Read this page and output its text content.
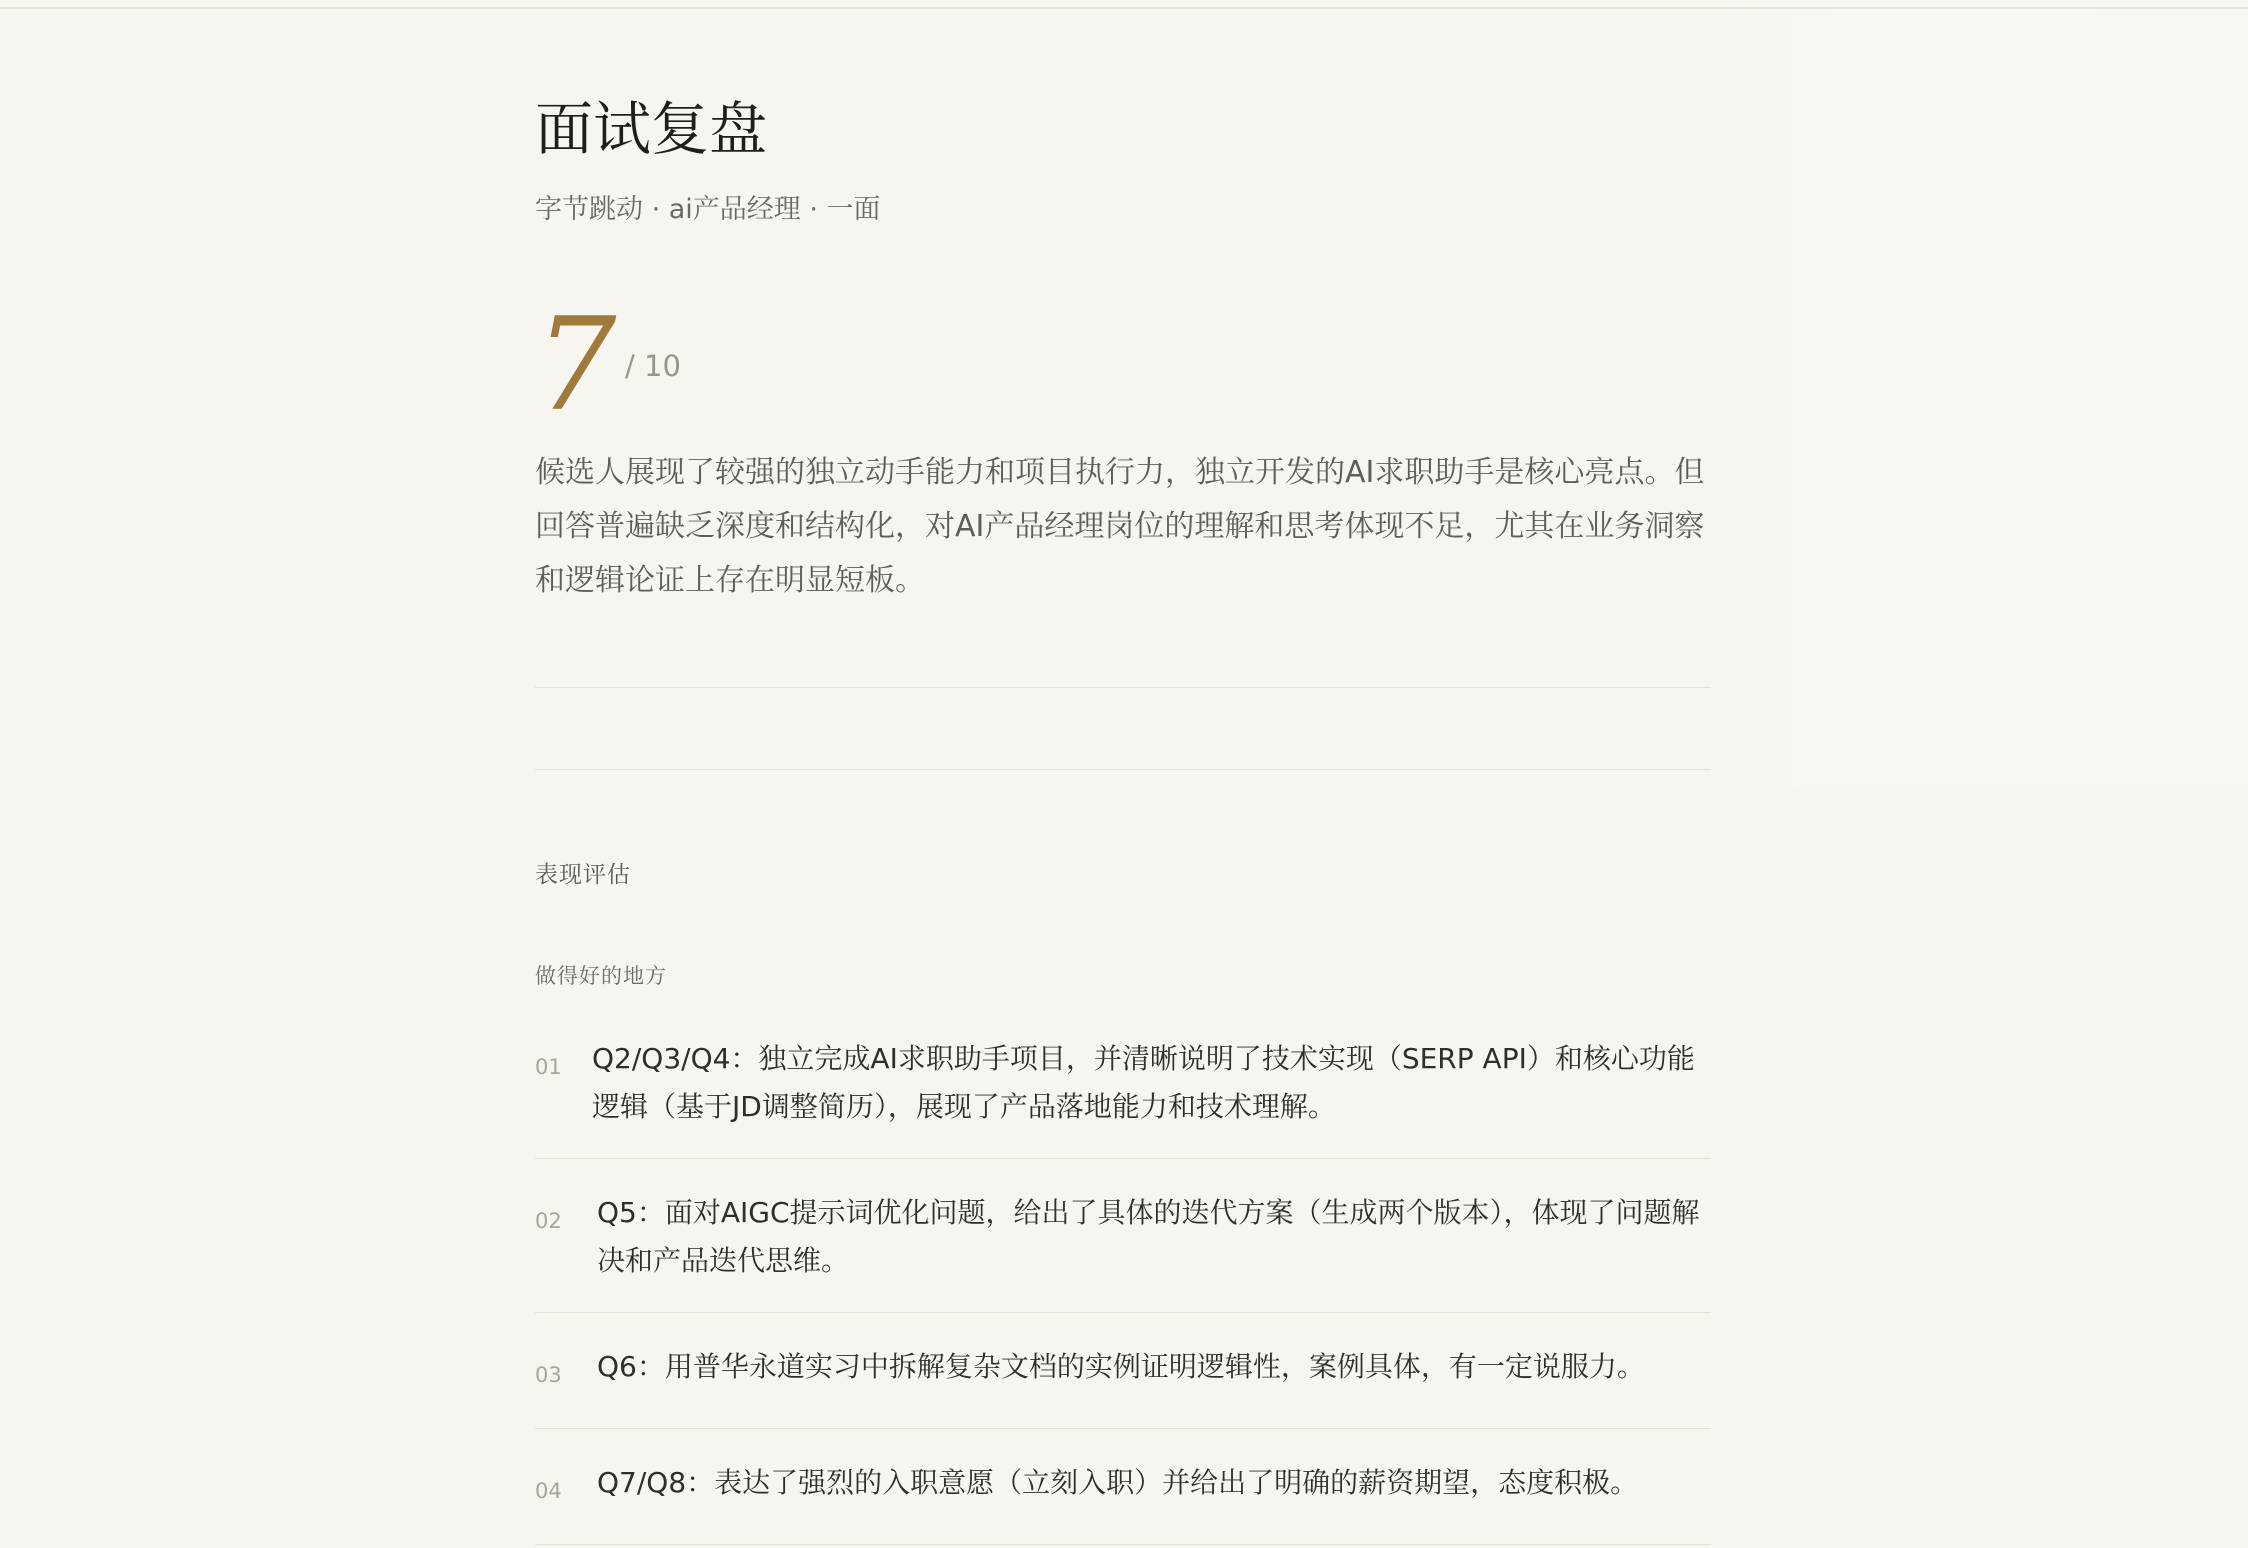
面试复盘
字节跳动 · ai产品经理 · 一面
7 / 10

候选人展现了较强的独立动手能力和项目执行力，独立开发的AI求职助手是核心亮点。但回答普遍缺乏深度和结构化，对AI产品经理岗位的理解和思考体现不足，尤其在业务洞察和逻辑论证上存在明显短板。

表现评估
做得好的地方
01 Q2/Q3/Q4：独立完成AI求职助手项目，并清晰说明了技术实现（SERP API）和核心功能逻辑（基于JD调整简历），展现了产品落地能力和技术理解。
02 Q5：面对AIGC提示词优化问题，给出了具体的迭代方案（生成两个版本），体现了问题解决和产品迭代思维。
03 Q6：用普华永道实习中拆解复杂文档的实例证明逻辑性，案例具体，有一定说服力。
04 Q7/Q8：表达了强烈的入职意愿（立刻入职）并给出了明确的薪资期望，态度积极。
